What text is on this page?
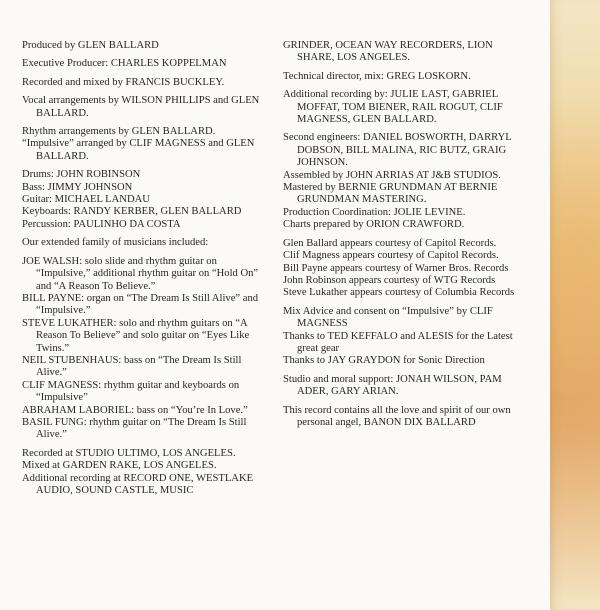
Produced by GLEN BALLARD
Executive Producer: CHARLES KOPPELMAN
Recorded and mixed by FRANCIS BUCKLEY.
Vocal arrangements by WILSON PHILLIPS and GLEN BALLARD.
Rhythm arrangements by GLEN BALLARD.
“Impulsive” arranged by CLIF MAGNESS and GLEN BALLARD.
Drums: JOHN ROBINSON
Bass: JIMMY JOHNSON
Guitar: MICHAEL LANDAU
Keyboards: RANDY KERBER, GLEN BALLARD
Percussion: PAULINHO DA COSTA
Our extended family of musicians included:
JOE WALSH: solo slide and rhythm guitar on “Impulsive,” additional rhythm guitar on “Hold On” and “A Reason To Believe.”
BILL PAYNE: organ on “The Dream Is Still Alive” and “Impulsive.”
STEVE LUKATHER: solo and rhythm guitars on “A Reason To Believe” and solo guitar on “Eyes Like Twins.”
NEIL STUBENHAUS: bass on “The Dream Is Still Alive.”
CLIF MAGNESS: rhythm guitar and keyboards on “Impulsive”
ABRAHAM LABORIEL: bass on “You’re In Love.”
BASIL FUNG: rhythm guitar on “The Dream Is Still Alive.”
Recorded at STUDIO ULTIMO, LOS ANGELES.
Mixed at GARDEN RAKE, LOS ANGELES.
Additional recording at RECORD ONE, WESTLAKE AUDIO, SOUND CASTLE, MUSIC
GRINDER, OCEAN WAY RECORDERS, LION SHARE, LOS ANGELES.
Technical director, mix: GREG LOSKORN.
Additional recording by: JULIE LAST, GABRIEL MOFFAT, TOM BIENER, RAIL ROGUT, CLIF MAGNESS, GLEN BALLARD.
Second engineers: DANIEL BOSWORTH, DARRYL DOBSON, BILL MALINA, RIC BUTZ, GRAIG JOHNSON.
Assembled by JOHN ARRIAS AT J&B STUDIOS.
Mastered by BERNIE GRUNDMAN AT BERNIE GRUNDMAN MASTERING.
Production Coordination: JOLIE LEVINE.
Charts prepared by ORION CRAWFORD.
Glen Ballard appears courtesy of Capitol Records.
Clif Magness appears courtesy of Capitol Records.
Bill Payne appears courtesy of Warner Bros. Records
John Robinson appears courtesy of WTG Records
Steve Lukather appears courtesy of Columbia Records
Mix Advice and consent on “Impulsive” by CLIF MAGNESS
Thanks to TED KEFFALO and ALESIS for the Latest great gear
Thanks to JAY GRAYDON for Sonic Direction
Studio and moral support: JONAH WILSON, PAM ADER, GARY ARIAN.
This record contains all the love and spirit of our own personal angel, BANON DIX BALLARD
